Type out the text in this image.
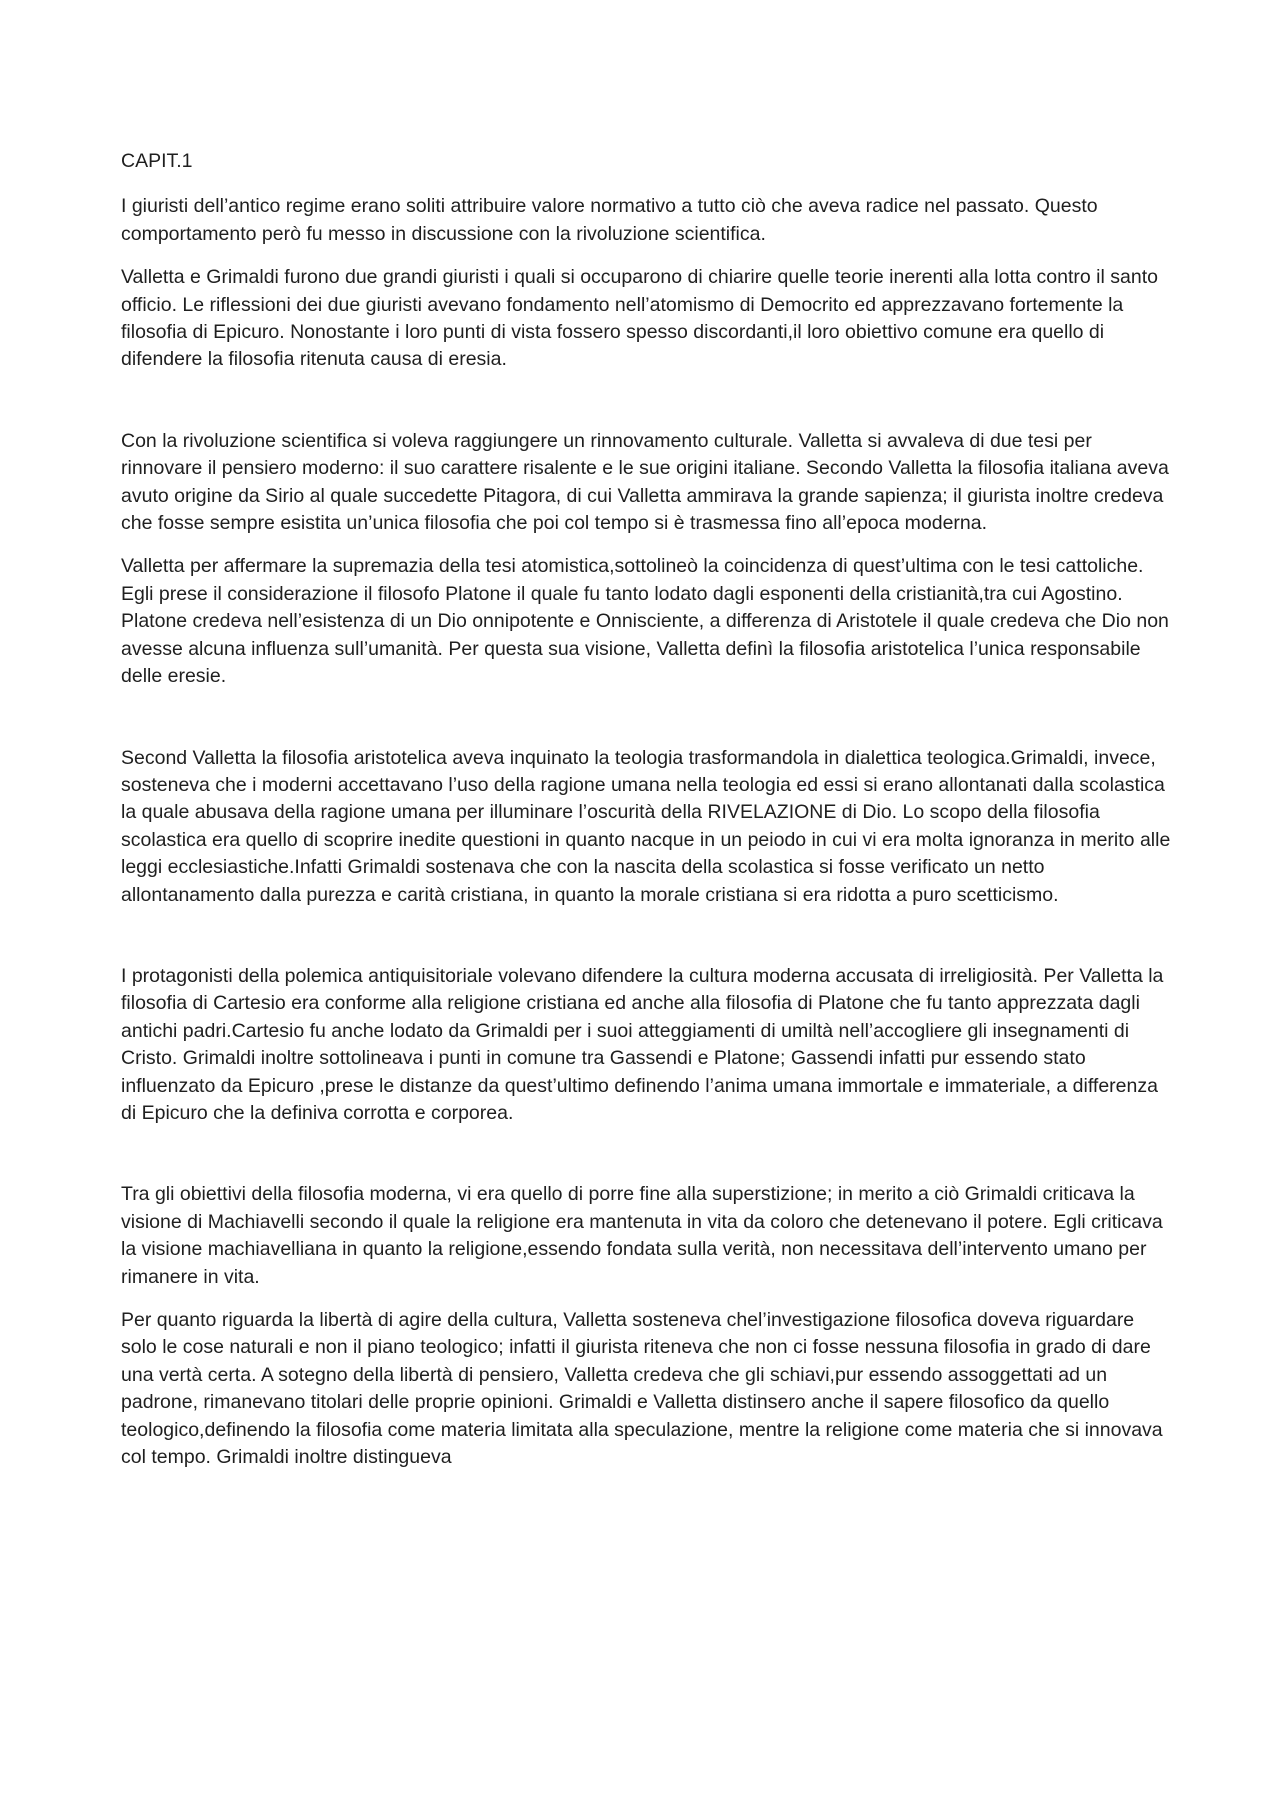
CAPIT.1

I giuristi dell’antico regime erano soliti attribuire valore normativo a tutto ciò che aveva radice nel passato. Questo comportamento però fu messo in discussione con la rivoluzione scientifica.

Valletta e Grimaldi furono due grandi giuristi i quali si occuparono di chiarire quelle teorie inerenti alla lotta contro il santo officio. Le riflessioni dei due giuristi avevano fondamento nell’atomismo di Democrito ed apprezzavano fortemente la filosofia di Epicuro. Nonostante i loro punti di vista fossero spesso discordanti,il loro obiettivo comune era quello di difendere la filosofia ritenuta causa di eresia.

Con la rivoluzione scientifica si voleva raggiungere un rinnovamento culturale. Valletta si avvaleva di due tesi per rinnovare il pensiero moderno: il suo carattere risalente e le sue origini italiane. Secondo Valletta la filosofia italiana aveva avuto origine da Sirio al quale succedette Pitagora, di cui Valletta ammirava la grande sapienza; il giurista inoltre credeva che fosse sempre esistita un’unica filosofia che poi col tempo si è trasmessa fino all’epoca moderna.

Valletta per affermare la supremazia della tesi atomistica,sottolineò la coincidenza di quest’ultima con le tesi cattoliche. Egli prese il considerazione il filosofo Platone il quale fu tanto lodato dagli esponenti della cristianità,tra cui Agostino. Platone credeva nell’esistenza di un Dio onnipotente e Onnisciente, a differenza di Aristotele il quale credeva che Dio non avesse alcuna influenza sull’umanità. Per questa sua visione, Valletta definì la filosofia aristotelica l’unica responsabile delle eresie.

Second Valletta la filosofia aristotelica aveva inquinato la teologia trasformandola in dialettica teologica.Grimaldi, invece, sosteneva che i moderni accettavano l’uso della ragione umana nella teologia ed essi si erano allontanati dalla scolastica la quale abusava della ragione umana per illuminare l’oscurità della RIVELAZIONE di Dio. Lo scopo della filosofia scolastica era quello di scoprire inedite questioni in quanto nacque in un peiodo in cui vi era molta ignoranza in merito alle leggi ecclesiastiche.Infatti Grimaldi sostenava che con la nascita della scolastica si fosse verificato un netto allontanamento dalla purezza e carità cristiana, in quanto la morale cristiana si era ridotta a puro scetticismo.

I protagonisti della polemica antiquisitoriale volevano difendere la cultura moderna accusata di irreligiosità. Per Valletta la filosofia di Cartesio era conforme alla religione cristiana ed anche alla filosofia di Platone che fu tanto apprezzata dagli antichi padri.Cartesio fu anche lodato da Grimaldi per i suoi atteggiamenti di umiltà nell’accogliere gli insegnamenti di Cristo. Grimaldi inoltre sottolineava i punti in comune tra Gassendi e Platone; Gassendi infatti pur essendo stato influenzato da Epicuro ,prese le distanze da quest’ultimo definendo l’anima umana immortale e immateriale, a differenza di Epicuro che la definiva corrotta e corporea.

Tra gli obiettivi della filosofia moderna, vi era quello di porre fine alla superstizione; in merito a ciò Grimaldi criticava la visione di Machiavelli secondo il quale la religione era mantenuta in vita da coloro che detenevano il potere. Egli criticava la visione machiavelliana in quanto la religione,essendo fondata sulla verità, non necessitava dell’intervento umano per rimanere in vita.

Per quanto riguarda la libertà di agire della cultura, Valletta sosteneva chel’investigazione filosofica doveva riguardare solo le cose naturali e non il piano teologico; infatti il giurista riteneva che non ci fosse nessuna filosofia in grado di dare una vertà certa. A sotegno della libertà di pensiero, Valletta credeva che gli schiavi,pur essendo assoggettati ad un padrone, rimanevano titolari delle proprie opinioni. Grimaldi e Valletta distinsero anche il sapere filosofico da quello teologico,definendo la filosofia come materia limitata alla speculazione, mentre la religione come materia che si innovava col tempo. Grimaldi inoltre distingueva
